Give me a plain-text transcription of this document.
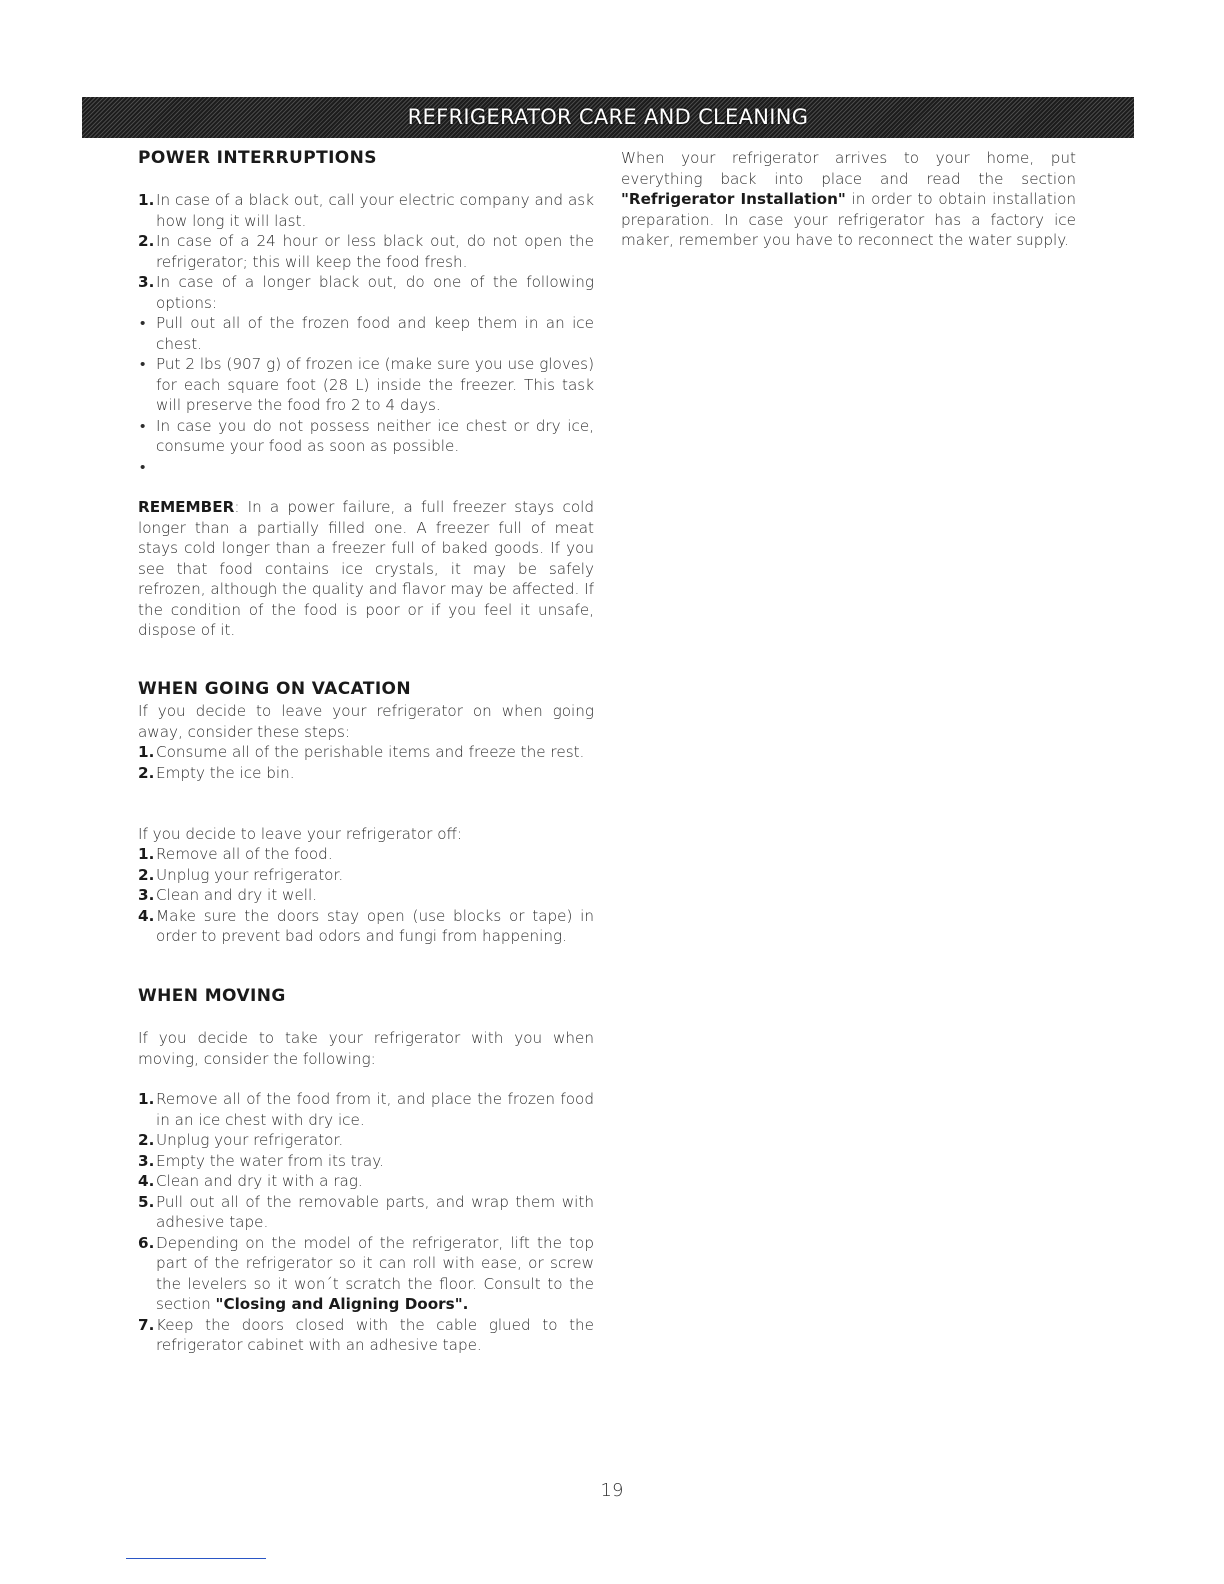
REFRIGERATOR CARE AND CLEANING
POWER INTERRUPTIONS
1. In case of a black out, call your electric company and ask how long it will last.
2. In case of a 24 hour or less black out, do not open the refrigerator; this will keep the food fresh.
3. In case of a longer black out, do one of the following options:
• Pull out all of the frozen food and keep them in an ice chest.
• Put 2 lbs (907 g) of frozen ice (make sure you use gloves) for each square foot (28 L) inside the freezer. This task will preserve the food fro 2 to 4 days.
• In case you do not possess neither ice chest or dry ice, consume your food as soon as possible.
•

REMEMBER: In a power failure, a full freezer stays cold longer than a partially filled one. A freezer full of meat stays cold longer than a freezer full of baked goods. If you see that food contains ice crystals, it may be safely refrozen, although the quality and flavor may be affected. If the condition of the food is poor or if you feel it unsafe, dispose of it.

WHEN GOING ON VACATION

If you decide to leave your refrigerator on when going away, consider these steps:

1. Consume all of the perishable items and freeze the rest.
2. Empty the ice bin.

If you decide to leave your refrigerator off:

1. Remove all of the food.
2. Unplug your refrigerator.
3. Clean and dry it well.
4. Make sure the doors stay open (use blocks or tape) in order to prevent bad odors and fungi from happening.
WHEN MOVING

If you decide to take your refrigerator with you when moving, consider the following:

1. Remove all of the food from it, and place the frozen food in an ice chest with dry ice.
2. Unplug your refrigerator.
3. Empty the water from its tray.
4. Clean and dry it with a rag.
5. Pull out all of the removable parts, and wrap them with adhesive tape.
6. Depending on the model of the refrigerator, lift the top part of the refrigerator so it can roll with ease, or screw the levelers so it won´t scratch the floor. Consult to the section "Closing and Aligning Doors".
7. Keep the doors closed with the cable glued to the refrigerator cabinet with an adhesive tape.

When your refrigerator arrives to your home, put everything back into place and read the section "Refrigerator Installation" in order to obtain installation preparation. In case your refrigerator has a factory ice maker, remember you have to reconnect the water supply.

19
